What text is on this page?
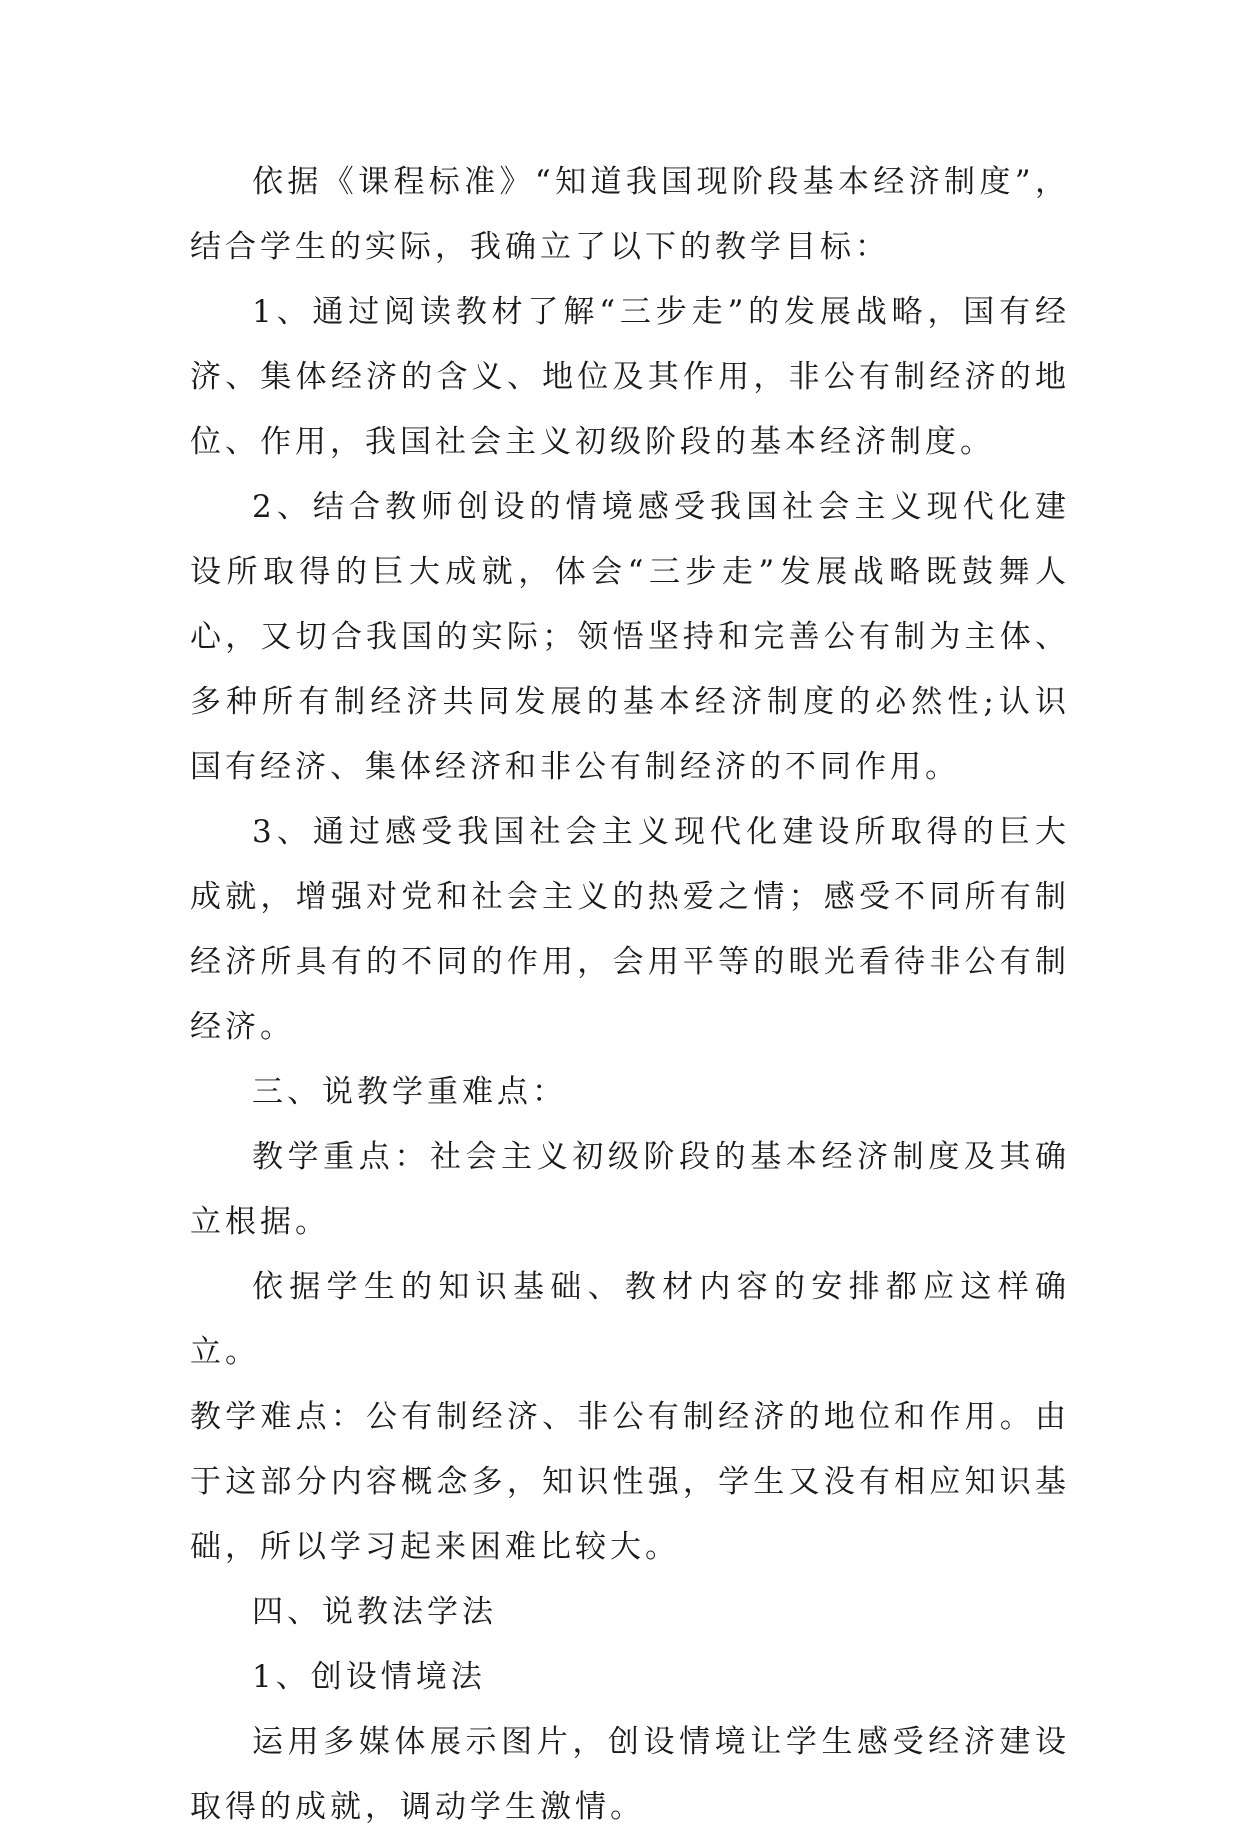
依据《课程标准》“知道我国现阶段基本经济制度”，结合学生的实际，我确立了以下的教学目标：

1、通过阅读教材了解“三步走”的发展战略，国有经济、集体经济的含义、地位及其作用，非公有制经济的地位、作用，我国社会主义初级阶段的基本经济制度。

2、结合教师创设的情境感受我国社会主义现代化建设所取得的巨大成就，体会“三步走”发展战略既鼓舞人心，又切合我国的实际；领悟坚持和完善公有制为主体、多种所有制经济共同发展的基本经济制度的必然性;认识国有经济、集体经济和非公有制经济的不同作用。

3、通过感受我国社会主义现代化建设所取得的巨大成就，增强对党和社会主义的热爱之情；感受不同所有制经济所具有的不同的作用，会用平等的眼光看待非公有制经济。

三、说教学重难点：

教学重点：社会主义初级阶段的基本经济制度及其确立根据。

依据学生的知识基础、教材内容的安排都应这样确立。

教学难点：公有制经济、非公有制经济的地位和作用。由于这部分内容概念多，知识性强，学生又没有相应知识基础，所以学习起来困难比较大。

四、说教法学法

1、创设情境法

运用多媒体展示图片，创设情境让学生感受经济建设取得的成就，调动学生激情。
